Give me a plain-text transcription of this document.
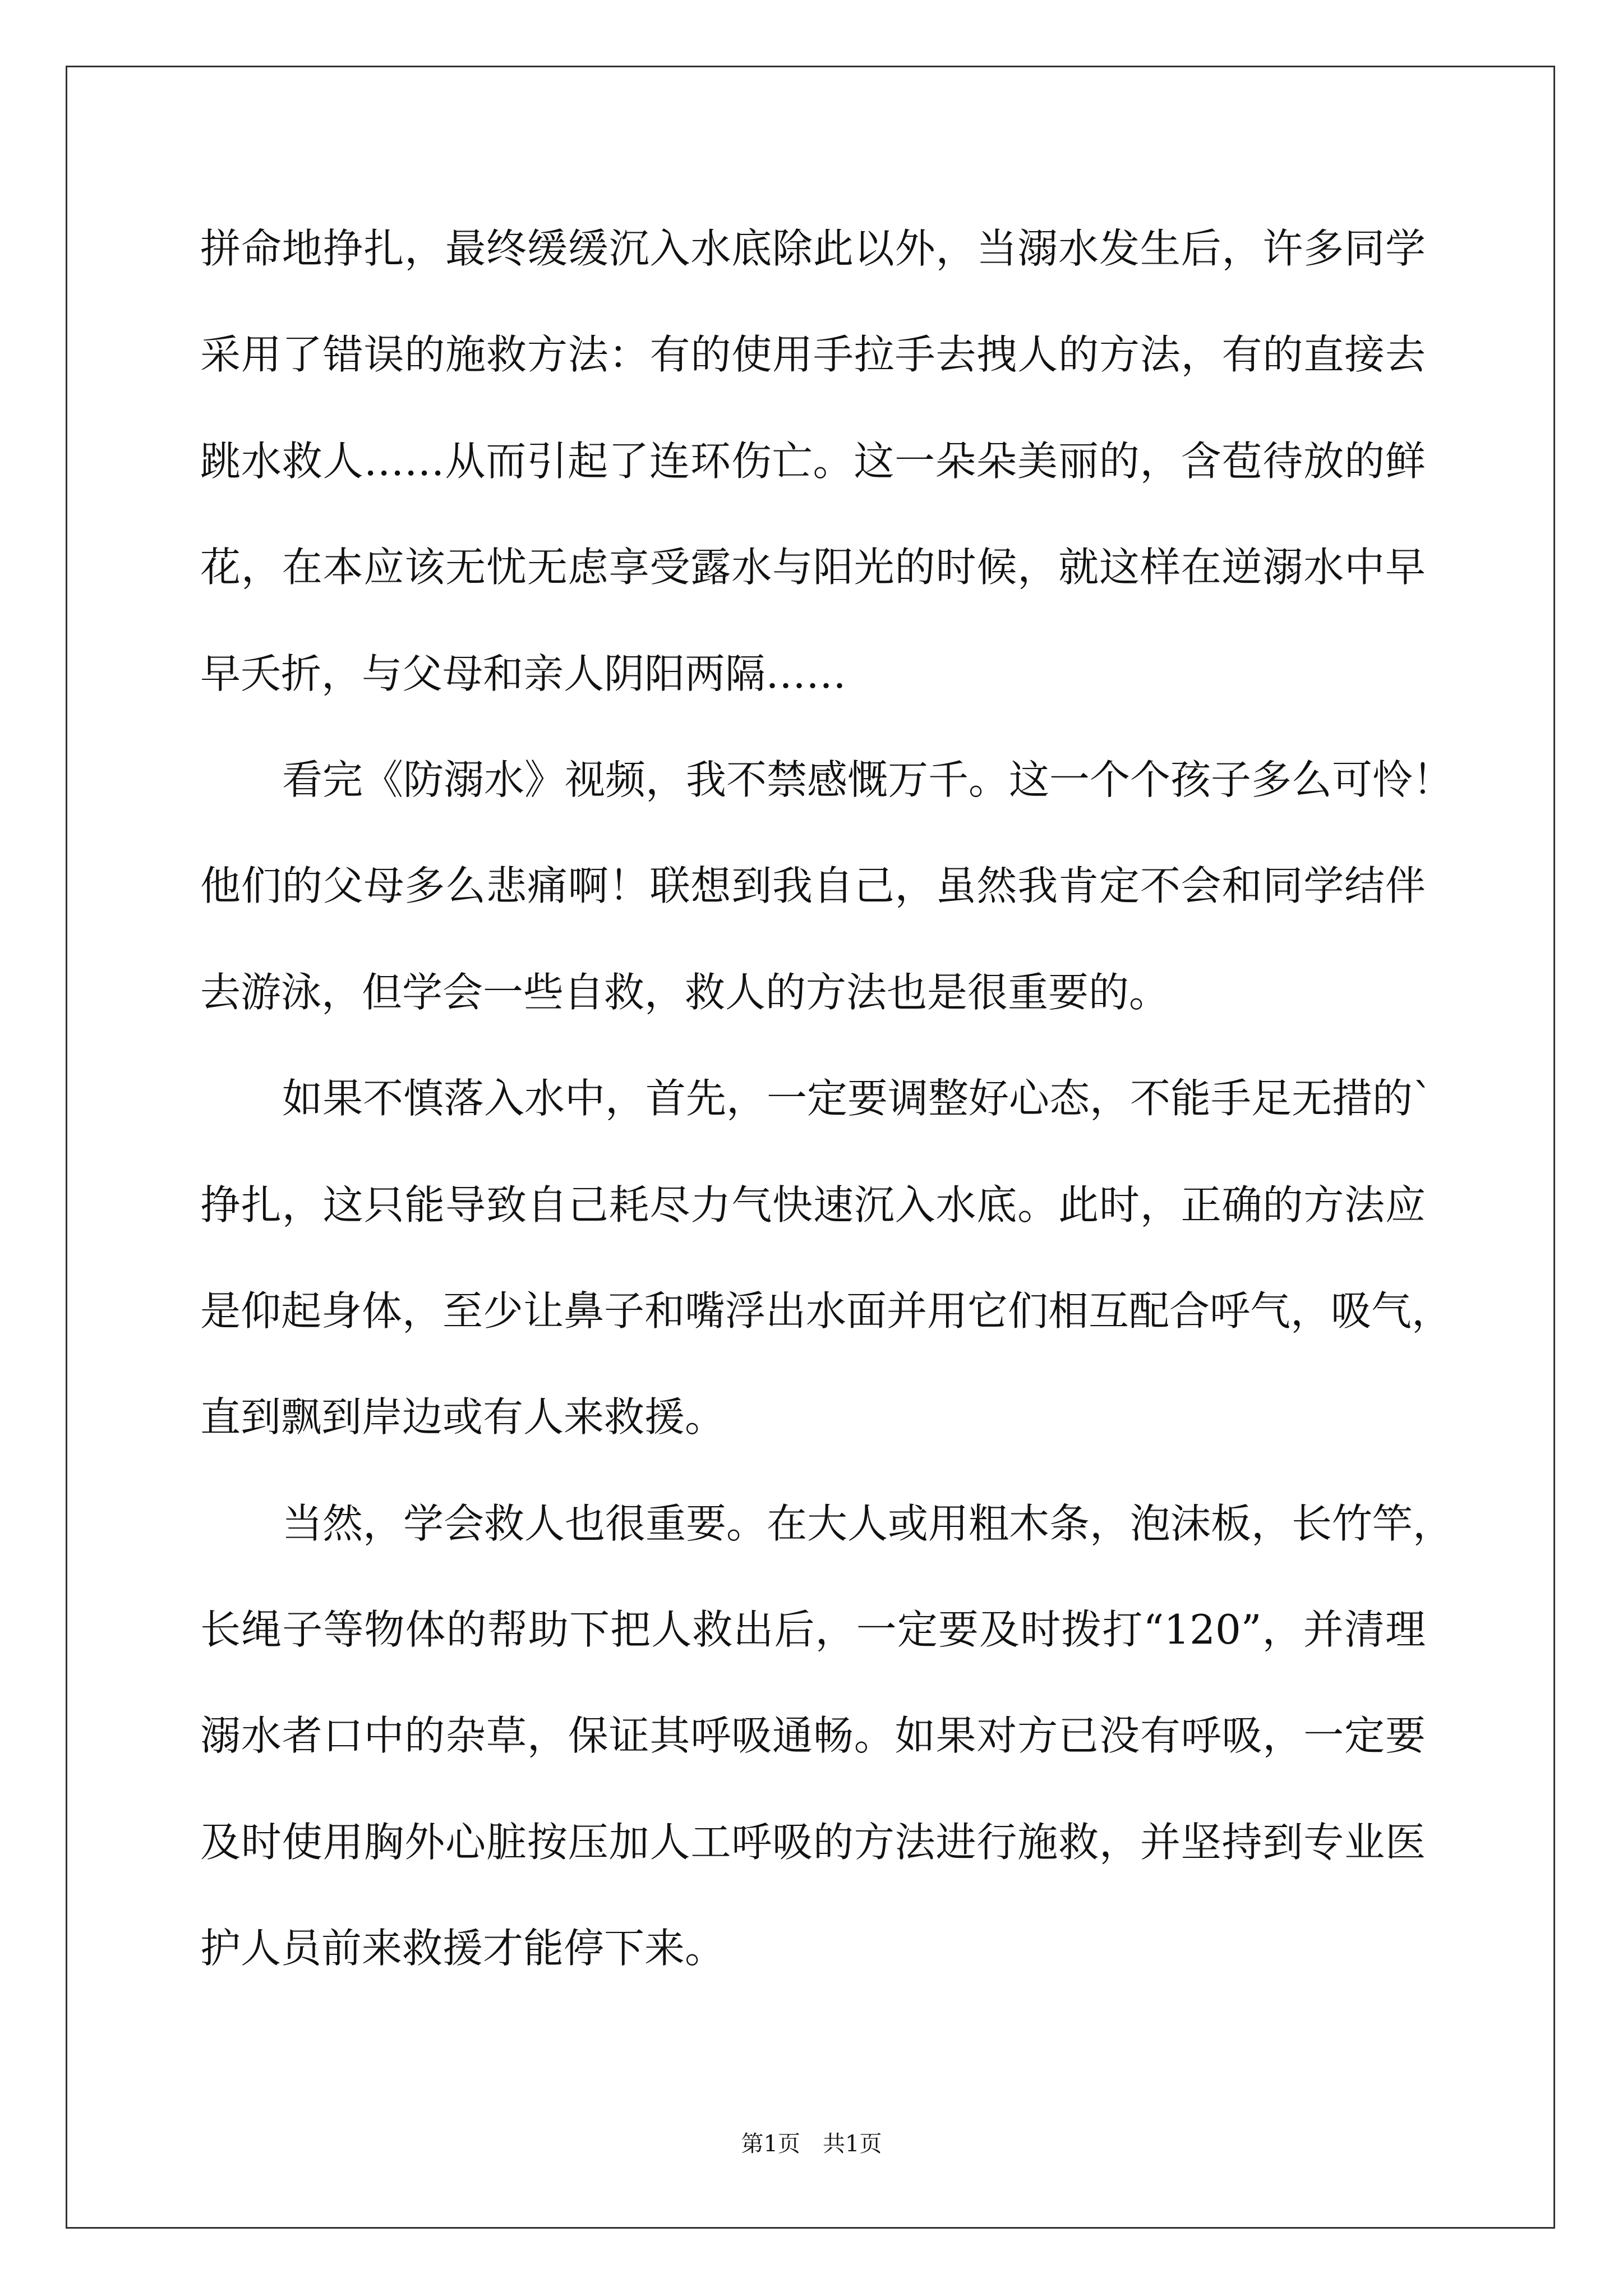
拼命地挣扎，最终缓缓沉入水底除此以外，当溺水发生后，许多同学
采用了错误的施救方法：有的使用手拉手去拽人的方法，有的直接去
跳水救人……从而引起了连环伤亡。这一朵朵美丽的，含苞待放的鲜
花，在本应该无忧无虑享受露水与阳光的时候，就这样在逆溺水中早
早夭折，与父母和亲人阴阳两隔……
看完《防溺水》视频，我不禁感慨万千。这一个个孩子多么可怜！
他们的父母多么悲痛啊！联想到我自己，虽然我肯定不会和同学结伴
去游泳，但学会一些自救，救人的方法也是很重要的。
如果不慎落入水中，首先，一定要调整好心态，不能手足无措的`
挣扎，这只能导致自己耗尽力气快速沉入水底。此时，正确的方法应
是仰起身体，至少让鼻子和嘴浮出水面并用它们相互配合呼气，吸气，
直到飘到岸边或有人来救援。
当然，学会救人也很重要。在大人或用粗木条，泡沫板，长竹竿，
长绳子等物体的帮助下把人救出后，一定要及时拨打“120”，并清理
溺水者口中的杂草，保证其呼吸通畅。如果对方已没有呼吸，一定要
及时使用胸外心脏按压加人工呼吸的方法进行施救，并坚持到专业医
护人员前来救援才能停下来。
第1页　共1页
